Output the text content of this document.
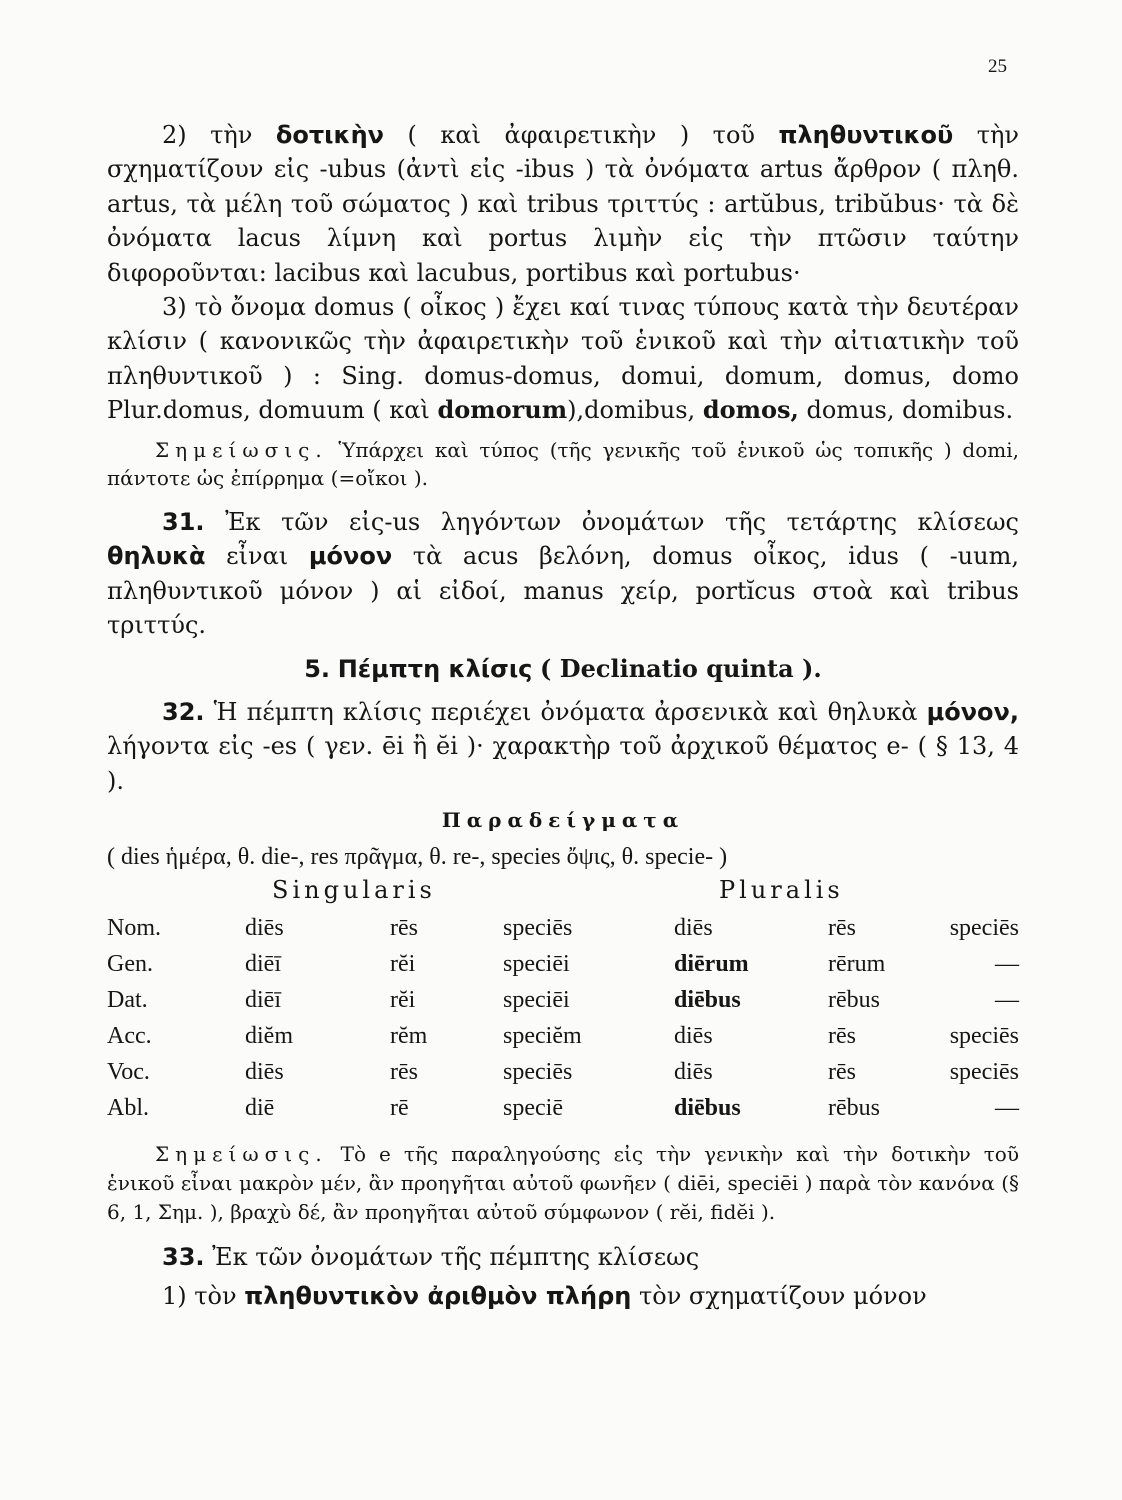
25

2) τὴν δοτικὴν ( καὶ ἀφαιρετικὴν ) τοῦ πληθυντικοῦ τὴν σχηματίζουν εἰς -ubus (ἀντὶ εἰς -ibus ) τὰ ὀνόματα artus ἄρθρον ( πληθ. artus, τὰ μέλη τοῦ σώματος ) καὶ tribus τριττύς : artŭbus, tribŭbus· τὰ δὲ ὀνόματα lacus λίμνη καὶ portus λιμὴν εἰς τὴν πτῶσιν ταύτην διφοροῦνται: lacibus καὶ lacubus, portibus καὶ portubus·

3) τὸ ὄνομα domus ( οἶκος ) ἔχει καί τινας τύπους κατὰ τὴν δευτέραν κλίσιν ( κανονικῶς τὴν ἀφαιρετικὴν τοῦ ἑνικοῦ καὶ τὴν αἰτιατικὴν τοῦ πληθυντικοῦ ) : Sing. domus-domus, domui, domum, domus, domo Plur.domus, domuum ( καὶ domorum),domibus, domos, domus, domibus.

Σημείωσις. Ὑπάρχει καὶ τύπος (τῆς γενικῆς τοῦ ἑνικοῦ ὡς τοπικῆς ) domi, πάντοτε ὡς ἐπίρρημα (=οἴκοι ).

31. Ἐκ τῶν εἰς-us ληγόντων ὀνομάτων τῆς τετάρτης κλίσεως θηλυκὰ εἶναι μόνον τὰ acus βελόνη, domus οἶκος, idus ( -uum, πληθυντικοῦ μόνον ) αἱ εἰδοί, manus χείρ, portĭcus στοὰ καὶ tribus τριττύς.

5. Πέμπτη κλίσις ( Declinatio quinta ).

32. Ἡ πέμπτη κλίσις περιέχει ὀνόματα ἀρσενικὰ καὶ θηλυκὰ μόνον, λήγοντα εἰς -es ( γεν. ēi ἢ ĕi )· χαρακτὴρ τοῦ ἀρχικοῦ θέματος e- ( § 13, 4 ).

Παραδείγματα

( dies ἡμέρα, θ. die-, res πρᾶγμα, θ. re-, species ὄψις, θ. specie- )

Singularis	Pluralis
Nom.	diēs	rēs	speciēs	diēs	rēs	speciēs
Gen.	diēī	rĕi	speciēi	diērum	rērum	—
Dat.	diēī	rĕi	speciēi	diēbus	rēbus	—
Acc.	diĕm	rĕm	speciĕm	diēs	rēs	speciēs
Voc.	diēs	rēs	speciēs	diēs	rēs	speciēs
Abl.	diē	rē	speciē	diēbus	rēbus	—

Σημείωσις. Τὸ e τῆς παραληγούσης εἰς τὴν γενικὴν καὶ τὴν δοτικὴν τοῦ ἑνικοῦ εἶναι μακρὸν μέν, ἂν προηγῆται αὐτοῦ φωνῆεν ( diēi, speciēi ) παρὰ τὸν κανόνα (§ 6, 1, Σημ. ), βραχὺ δέ, ἂν προηγῆται αὐτοῦ σύμφωνον ( rĕi, fidĕi ).

33. Ἐκ τῶν ὀνομάτων τῆς πέμπτης κλίσεως

1) τὸν πληθυντικὸν ἀριθμὸν πλήρη τὸν σχηματίζουν μόνον
